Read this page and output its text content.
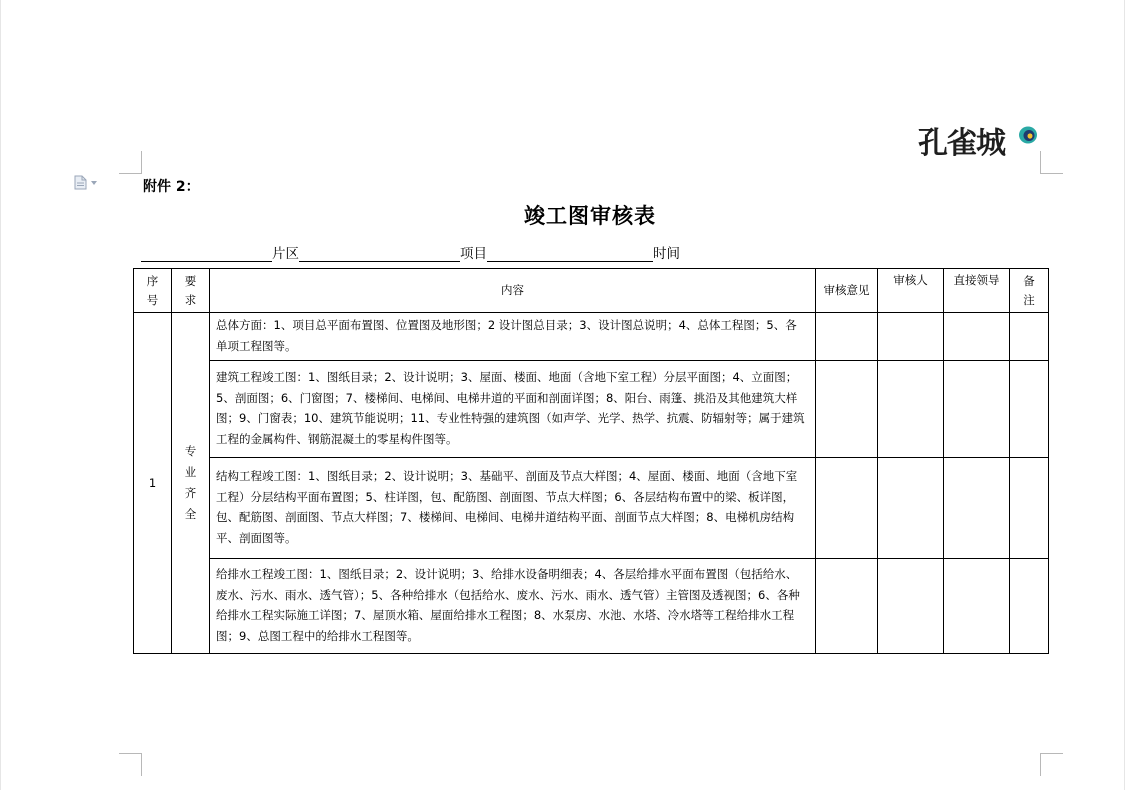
孔雀城
附件 2：
竣工图审核表
片区	项目	时间
序号	要求	内容	审核意见	审核人	直接领导	备注
1	专业齐全	总体方面：1、项目总平面布置图、位置图及地形图；2 设计图总目录；3、设计图总说明；4、总体工程图；5、各单项工程图等。				
		建筑工程竣工图：1、图纸目录；2、设计说明；3、屋面、楼面、地面（含地下室工程）分层平面图；4、立面图；5、剖面图；6、门窗图；7、楼梯间、电梯间、电梯井道的平面和剖面详图；8、阳台、雨篷、挑沿及其他建筑大样图；9、门窗表；10、建筑节能说明；11、专业性特强的建筑图（如声学、光学、热学、抗震、防辐射等；属于建筑工程的金属构件、钢筋混凝土的零星构件图等。				
		结构工程竣工图：1、图纸目录；2、设计说明；3、基础平、剖面及节点大样图；4、屋面、楼面、地面（含地下室工程）分层结构平面布置图；5、柱详图，包、配筋图、剖面图、节点大样图；6、各层结构布置中的梁、板详图，包、配筋图、剖面图、节点大样图；7、楼梯间、电梯间、电梯井道结构平面、剖面节点大样图；8、电梯机房结构平、剖面图等。				
		给排水工程竣工图：1、图纸目录；2、设计说明；3、给排水设备明细表；4、各层给排水平面布置图（包括给水、废水、污水、雨水、透气管）；5、各种给排水（包括给水、废水、污水、雨水、透气管）主管图及透视图；6、各种给排水工程实际施工详图；7、屋顶水箱、屋面给排水工程图；8、水泵房、水池、水塔、冷水塔等工程给排水工程图；9、总图工程中的给排水工程图等。				
